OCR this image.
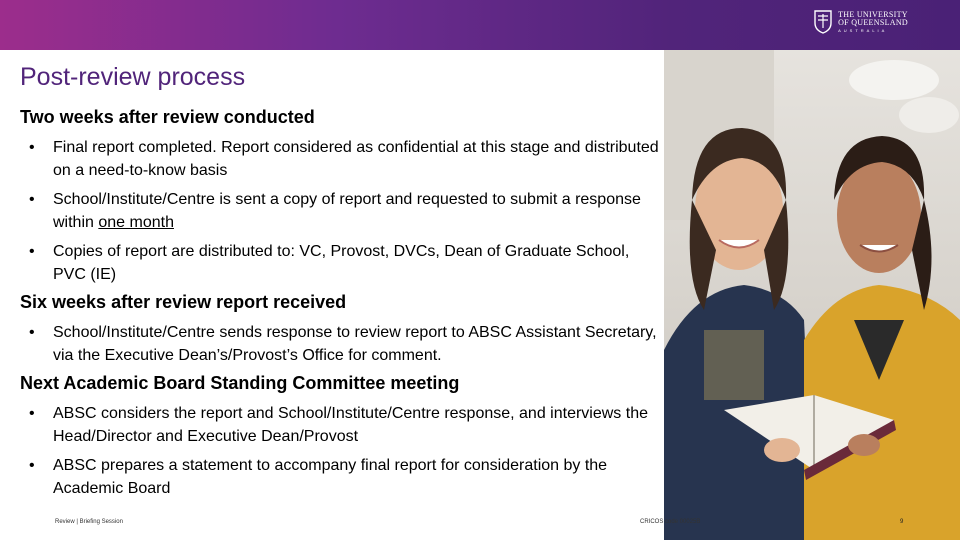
THE UNIVERSITY
OF QUEENSLAND
AUSTRALIA
Post-review process
Two weeks after review conducted
• Final report completed. Report considered as confidential at this stage and distributed on a need-to-know basis
• School/Institute/Centre is sent a copy of report and requested to submit a response within one month
• Copies of report are distributed to: VC, Provost, DVCs, Dean of Graduate School, PVC (IE)
Six weeks after review report received
• School/Institute/Centre sends response to review report to ABSC Assistant Secretary, via the Executive Dean’s/Provost’s Office for comment.
Next Academic Board Standing Committee meeting
• ABSC considers the report and School/Institute/Centre response, and interviews the Head/Director and Executive Dean/Provost
• ABSC prepares a statement to accompany final report for consideration by the Academic Board
Review | Briefing Session	CRICOS code 00025B	9
